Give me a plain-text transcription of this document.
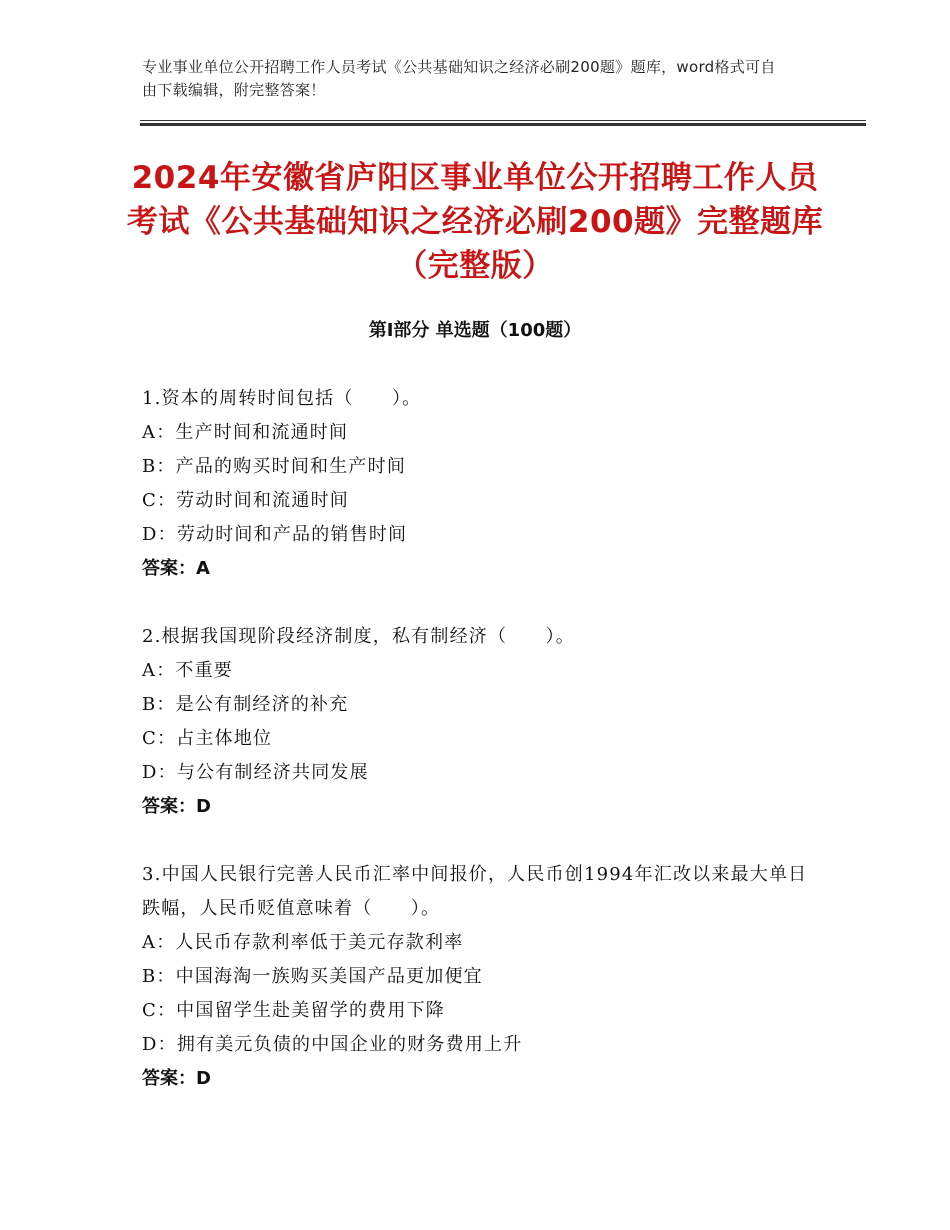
专业事业单位公开招聘工作人员考试《公共基础知识之经济必刷200题》题库，word格式可自由下载编辑，附完整答案！
2024年安徽省庐阳区事业单位公开招聘工作人员考试《公共基础知识之经济必刷200题》完整题库（完整版）
第Ⅰ部分 单选题（100题）
1.资本的周转时间包括（　　）。
A：生产时间和流通时间
B：产品的购买时间和生产时间
C：劳动时间和流通时间
D：劳动时间和产品的销售时间
答案：A
2.根据我国现阶段经济制度，私有制经济（　　）。
A：不重要
B：是公有制经济的补充
C：占主体地位
D：与公有制经济共同发展
答案：D
3.中国人民银行完善人民币汇率中间报价，人民币创1994年汇改以来最大单日跌幅，人民币贬值意味着（　　）。
A：人民币存款利率低于美元存款利率
B：中国海淘一族购买美国产品更加便宜
C：中国留学生赴美留学的费用下降
D：拥有美元负债的中国企业的财务费用上升
答案：D
